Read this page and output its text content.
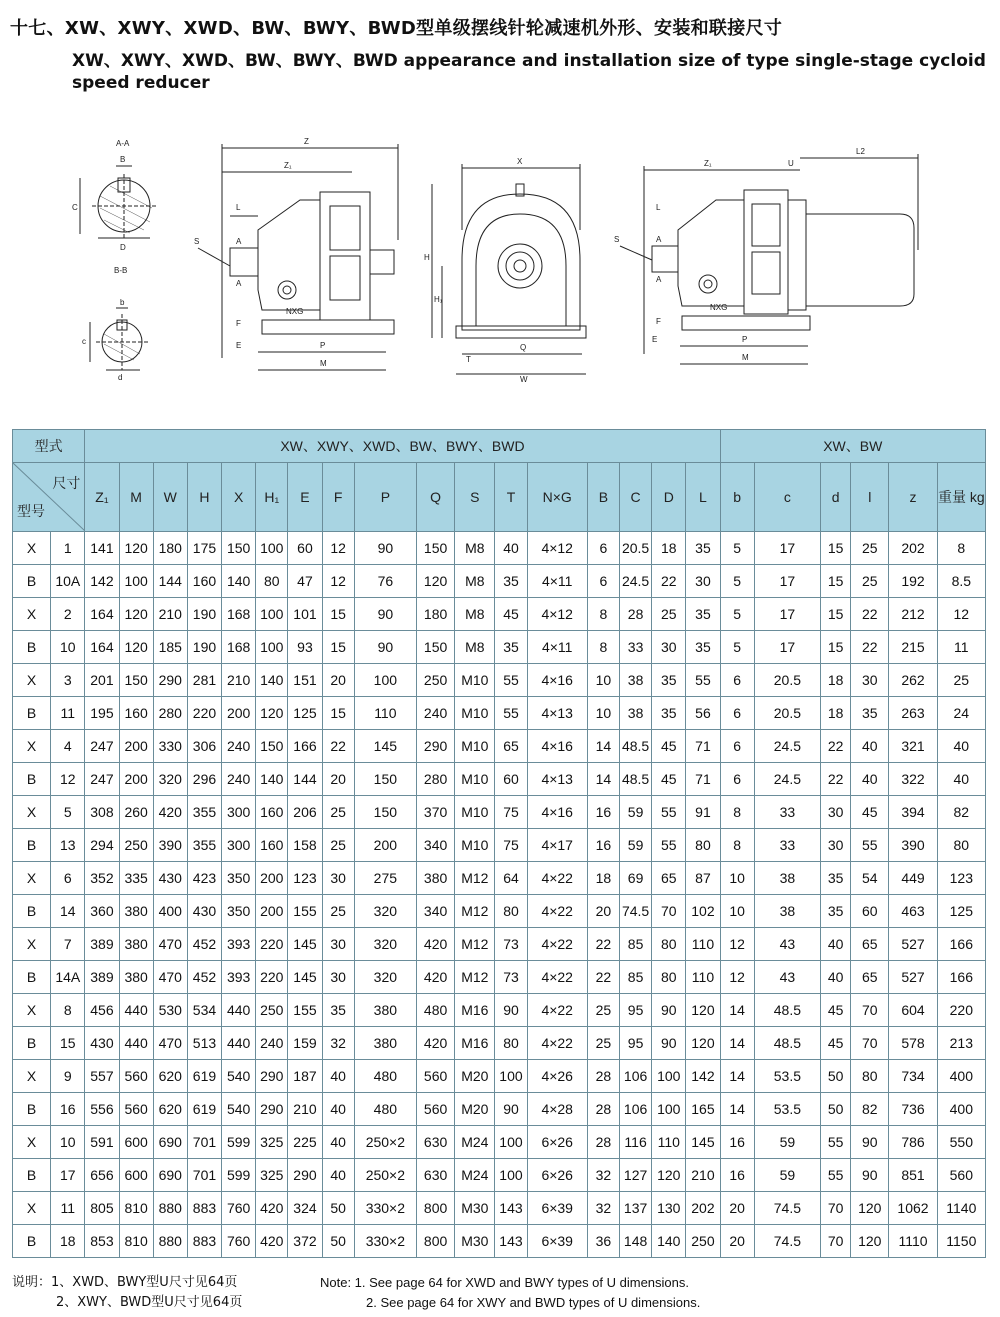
十七、XW、XWY、XWD、BW、BWY、BWD型单级摆线针轮减速机外形、安装和联接尺寸
XW、XWY、XWD、BW、BWY、BWD appearance and installation size of type single-stage cycloid speed reducer
A-A
B
C
D
B-B
b
c
d
Z
Z₁
L
S	A
A
F
E
NXG
P
M
X
H
H₁
T
Q
W
Z₁	U
L2
L
S	A
A
F
E
NXG
P
M
型式		XW、XWY、XWD、BW、BWY、BWD																	XW、BW					

尺寸
型号		Z₁	M	W	H	X	H₁	E	F	P	Q	S	T	N×G	B	C	D	L	b	c	d	l	z	重量 kg
X	1	141	120	180	175	150	100	60	12	90	150	M8	40	4×12	6	20.5	18	35	5	17	15	25	202	8
B	10A	142	100	144	160	140	80	47	12	76	120	M8	35	4×11	6	24.5	22	30	5	17	15	25	192	8.5
X	2	164	120	210	190	168	100	101	15	90	180	M8	45	4×12	8	28	25	35	5	17	15	22	212	12
B	10	164	120	185	190	168	100	93	15	90	150	M8	35	4×11	8	33	30	35	5	17	15	22	215	11
X	3	201	150	290	281	210	140	151	20	100	250	M10	55	4×16	10	38	35	55	6	20.5	18	30	262	25
B	11	195	160	280	220	200	120	125	15	110	240	M10	55	4×13	10	38	35	56	6	20.5	18	35	263	24
X	4	247	200	330	306	240	150	166	22	145	290	M10	65	4×16	14	48.5	45	71	6	24.5	22	40	321	40
B	12	247	200	320	296	240	140	144	20	150	280	M10	60	4×13	14	48.5	45	71	6	24.5	22	40	322	40
X	5	308	260	420	355	300	160	206	25	150	370	M10	75	4×16	16	59	55	91	8	33	30	45	394	82
B	13	294	250	390	355	300	160	158	25	200	340	M10	75	4×17	16	59	55	80	8	33	30	55	390	80
X	6	352	335	430	423	350	200	123	30	275	380	M12	64	4×22	18	69	65	87	10	38	35	54	449	123
B	14	360	380	400	430	350	200	155	25	320	340	M12	80	4×22	20	74.5	70	102	10	38	35	60	463	125
X	7	389	380	470	452	393	220	145	30	320	420	M12	73	4×22	22	85	80	110	12	43	40	65	527	166
B	14A	389	380	470	452	393	220	145	30	320	420	M12	73	4×22	22	85	80	110	12	43	40	65	527	166
X	8	456	440	530	534	440	250	155	35	380	480	M16	90	4×22	25	95	90	120	14	48.5	45	70	604	220
B	15	430	440	470	513	440	240	159	32	380	420	M16	80	4×22	25	95	90	120	14	48.5	45	70	578	213
X	9	557	560	620	619	540	290	187	40	480	560	M20	100	4×26	28	106	100	142	14	53.5	50	80	734	400
B	16	556	560	620	619	540	290	210	40	480	560	M20	90	4×28	28	106	100	165	14	53.5	50	82	736	400
X	10	591	600	690	701	599	325	225	40	250×2	630	M24	100	6×26	28	116	110	145	16	59	55	90	786	550
B	17	656	600	690	701	599	325	290	40	250×2	630	M24	100	6×26	32	127	120	210	16	59	55	90	851	560
X	11	805	810	880	883	760	420	324	50	330×2	800	M30	143	6×39	32	137	130	202	20	74.5	70	120	1062	1140
B	18	853	810	880	883	760	420	372	50	330×2	800	M30	143	6×39	36	148	140	250	20	74.5	70	120	1110	1150
说明：1、XWD、BWY型U尺寸见64页
2、XWY、BWD型U尺寸见64页
Note: 1. See page 64 for XWD and BWY types of U dimensions.
2. See page 64 for XWY and BWD types of U dimensions.
